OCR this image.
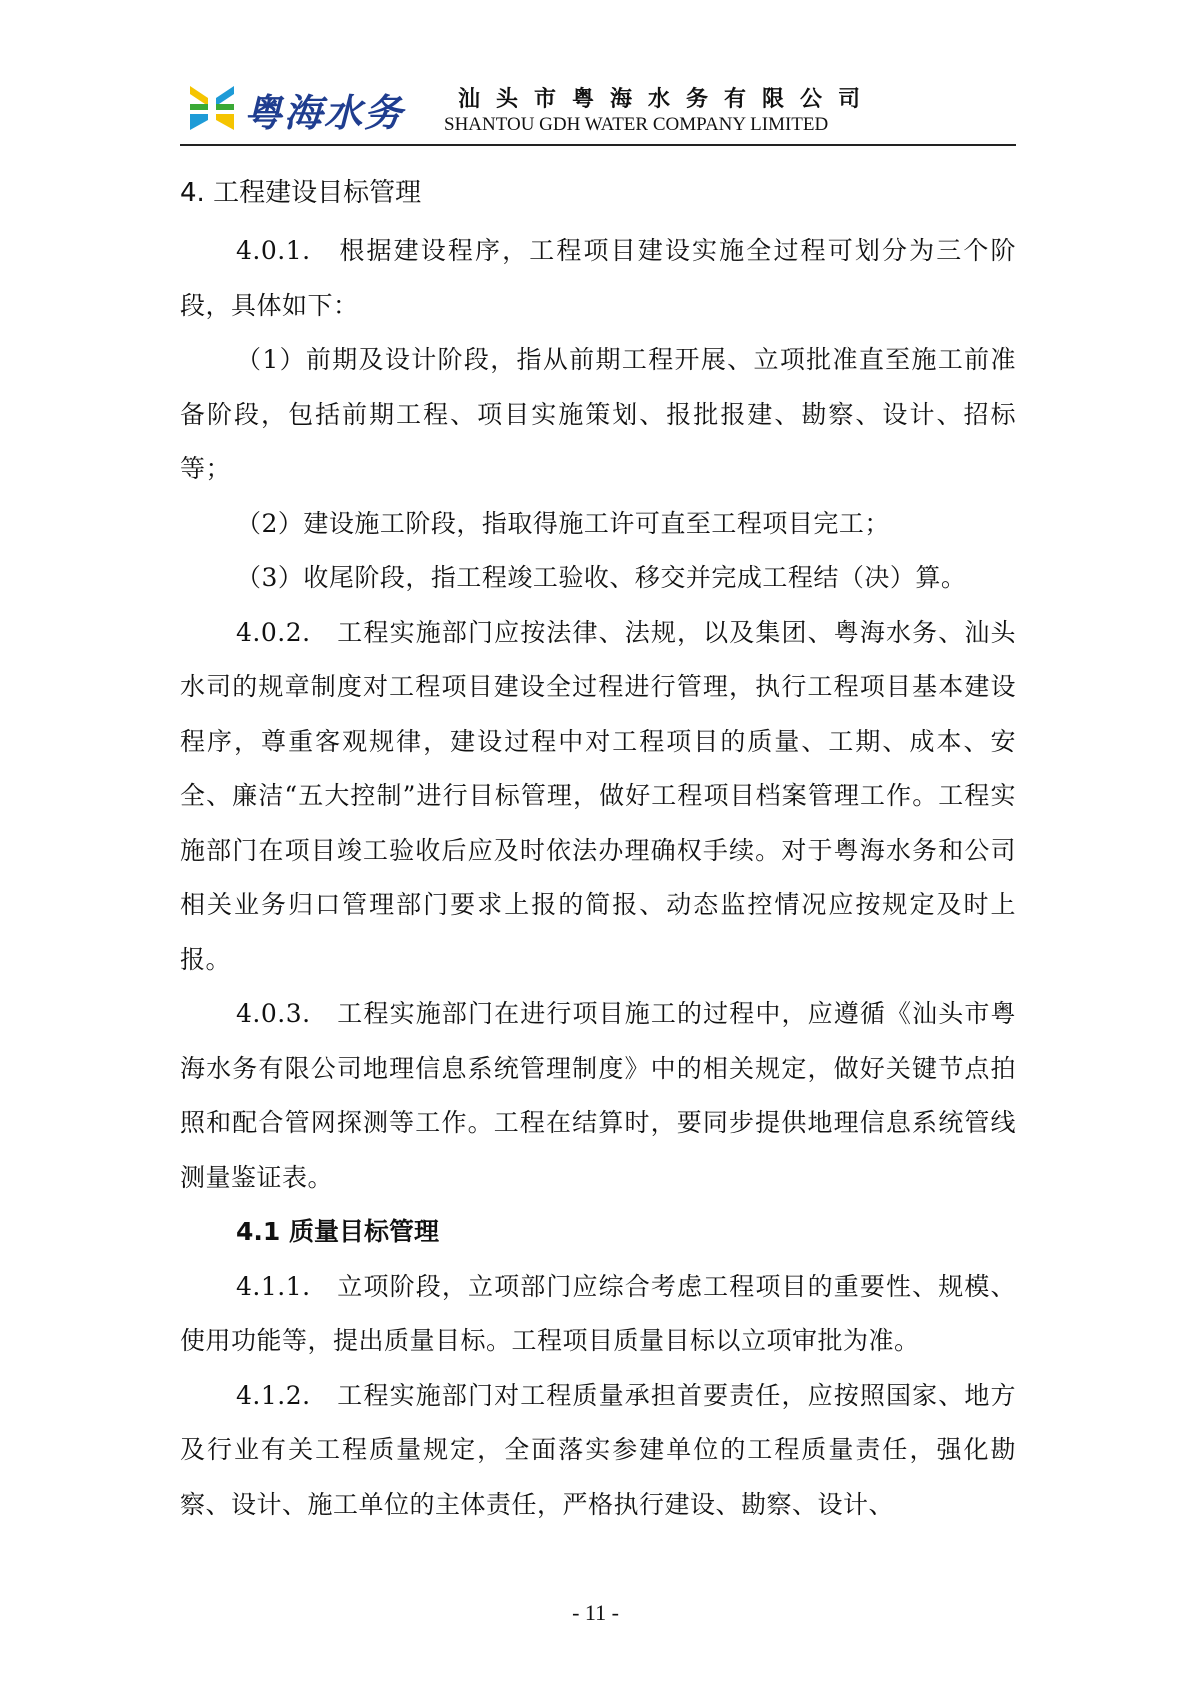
粤海水务 汕头市粤海水务有限公司
SHANTOU GDH WATER COMPANY LIMITED
4. 工程建设目标管理

4.0.1.　根据建设程序，工程项目建设实施全过程可划分为三个阶段，具体如下：

（1）前期及设计阶段，指从前期工程开展、立项批准直至施工前准备阶段，包括前期工程、项目实施策划、报批报建、勘察、设计、招标等；

（2）建设施工阶段，指取得施工许可直至工程项目完工；

（3）收尾阶段，指工程竣工验收、移交并完成工程结（决）算。

4.0.2.　工程实施部门应按法律、法规，以及集团、粤海水务、汕头水司的规章制度对工程项目建设全过程进行管理，执行工程项目基本建设程序，尊重客观规律，建设过程中对工程项目的质量、工期、成本、安全、廉洁“五大控制”进行目标管理，做好工程项目档案管理工作。工程实施部门在项目竣工验收后应及时依法办理确权手续。对于粤海水务和公司相关业务归口管理部门要求上报的简报、动态监控情况应按规定及时上报。

4.0.3.　工程实施部门在进行项目施工的过程中，应遵循《汕头市粤海水务有限公司地理信息系统管理制度》中的相关规定，做好关键节点拍照和配合管网探测等工作。工程在结算时，要同步提供地理信息系统管线测量鉴证表。

4.1 质量目标管理

4.1.1.　立项阶段，立项部门应综合考虑工程项目的重要性、规模、使用功能等，提出质量目标。工程项目质量目标以立项审批为准。

4.1.2.　工程实施部门对工程质量承担首要责任，应按照国家、地方及行业有关工程质量规定，全面落实参建单位的工程质量责任，强化勘察、设计、施工单位的主体责任，严格执行建设、勘察、设计、

- 11 -
